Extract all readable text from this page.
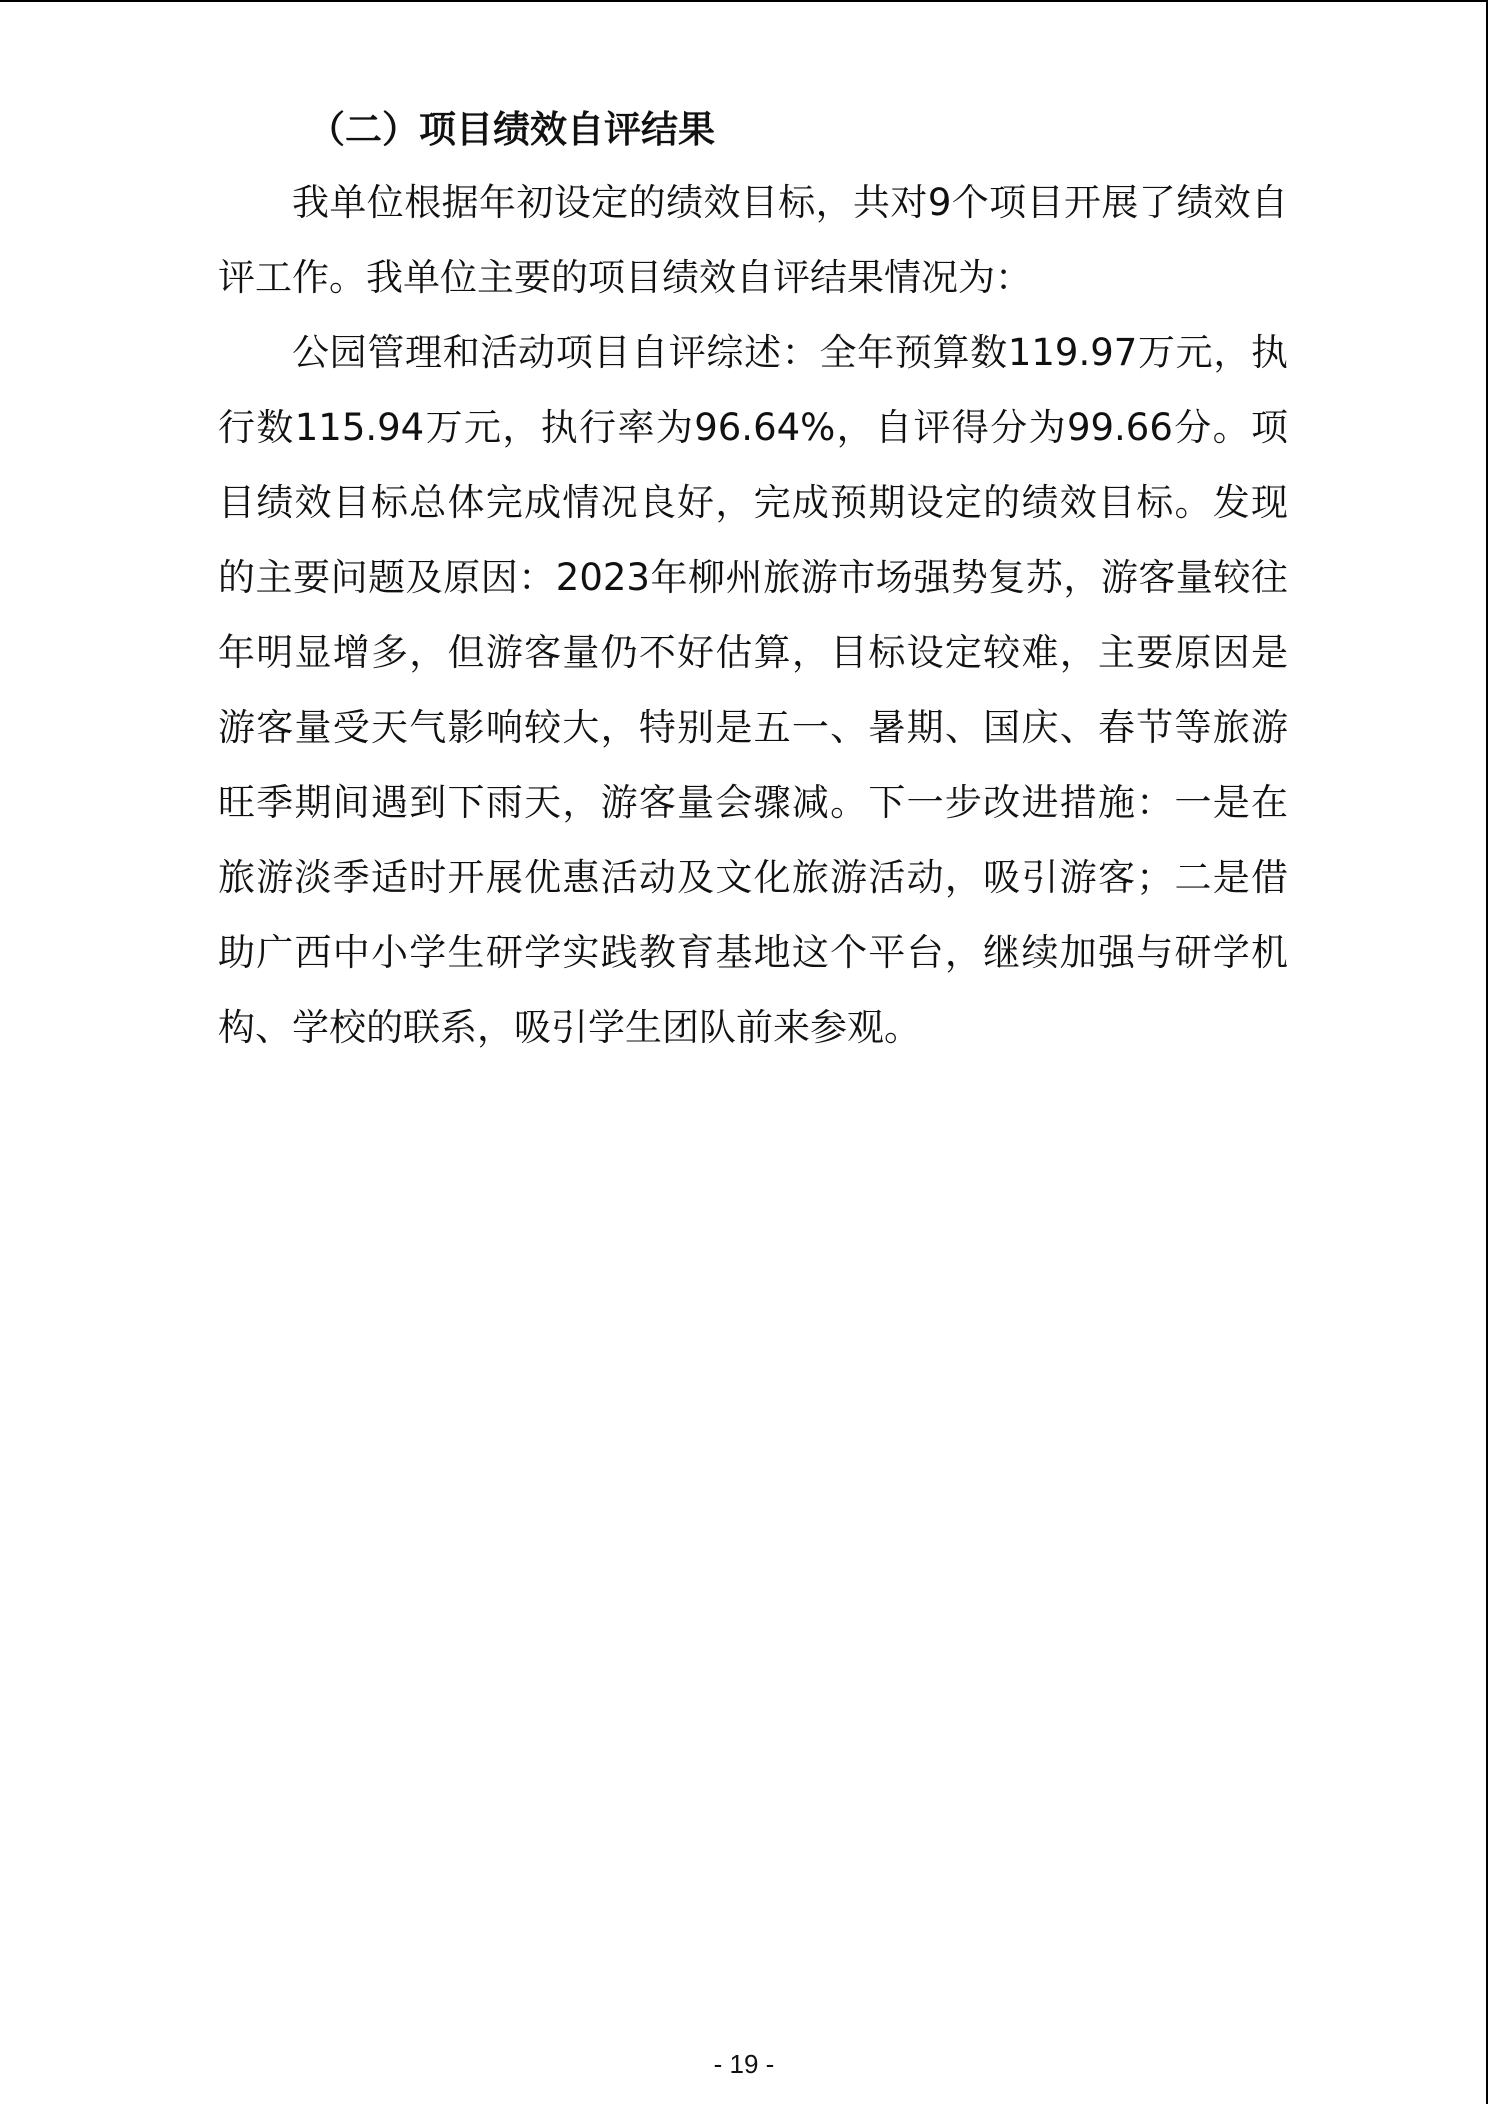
（二）项目绩效自评结果

我单位根据年初设定的绩效目标，共对9个项目开展了绩效自评工作。我单位主要的项目绩效自评结果情况为：

公园管理和活动项目自评综述：全年预算数119.97万元，执行数115.94万元，执行率为96.64%，自评得分为99.66分。项目绩效目标总体完成情况良好，完成预期设定的绩效目标。发现的主要问题及原因：2023年柳州旅游市场强势复苏，游客量较往年明显增多，但游客量仍不好估算，目标设定较难，主要原因是游客量受天气影响较大，特别是五一、暑期、国庆、春节等旅游旺季期间遇到下雨天，游客量会骤减。下一步改进措施：一是在旅游淡季适时开展优惠活动及文化旅游活动，吸引游客；二是借助广西中小学生研学实践教育基地这个平台，继续加强与研学机构、学校的联系，吸引学生团队前来参观。

- 19 -
